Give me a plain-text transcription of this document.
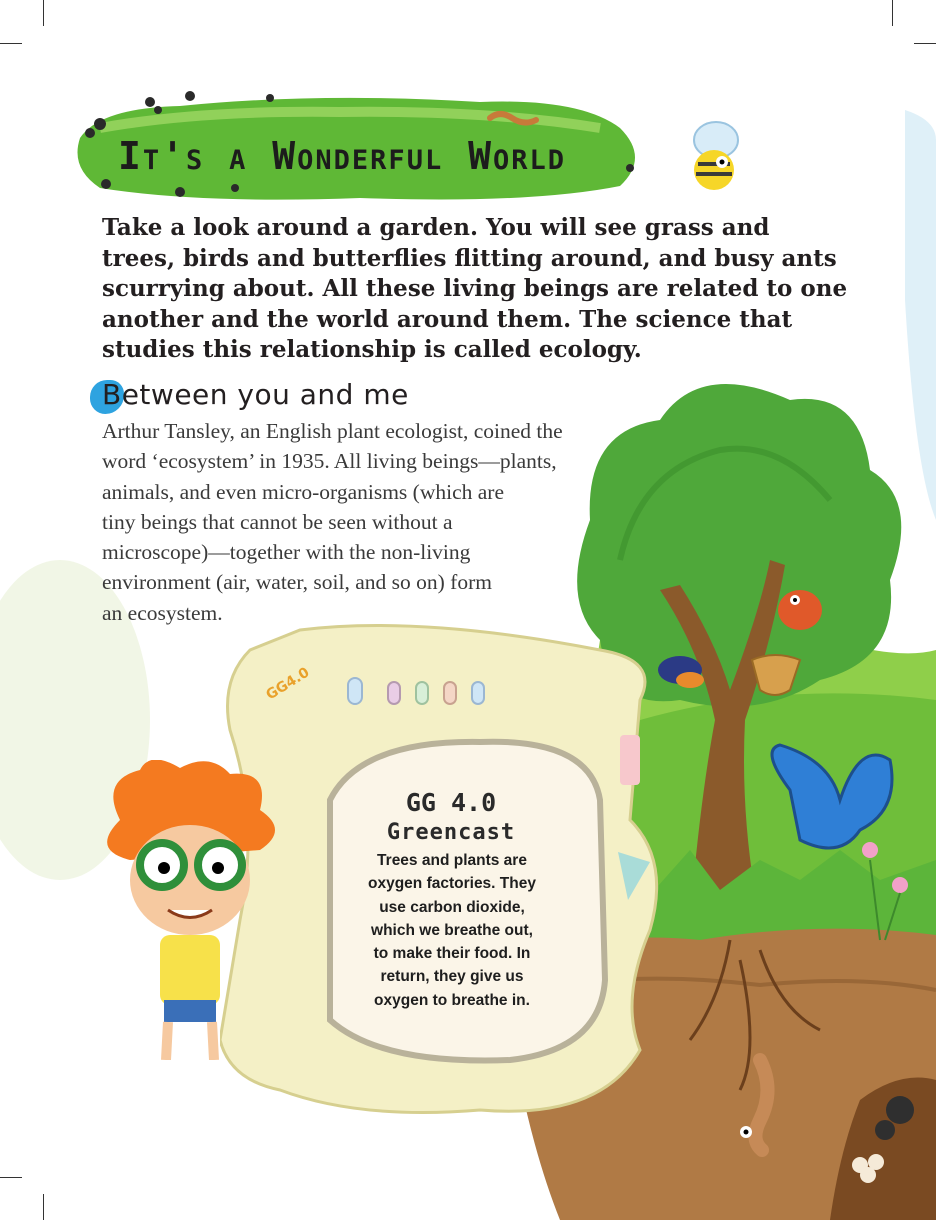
It's a Wonderful World

Take a look around a garden. You will see grass and
trees, birds and butterflies flitting around, and busy ants
scurrying about. All these living beings are related to one
another and the world around them. The science that
studies this relationship is called ecology.

Between you and me

Arthur Tansley, an English plant ecologist, coined the
word ‘ecosystem’ in 1935. All living beings—plants,
animals, and even micro-organisms (which are
tiny beings that cannot be seen without a
microscope)—together with the non-living
environment (air, water, soil, and so on) form
an ecosystem.

GG4.0
GG 4.0
Greencast

Trees and plants are
oxygen factories. They
use carbon dioxide,
which we breathe out,
to make their food. In
return, they give us
oxygen to breathe in.
